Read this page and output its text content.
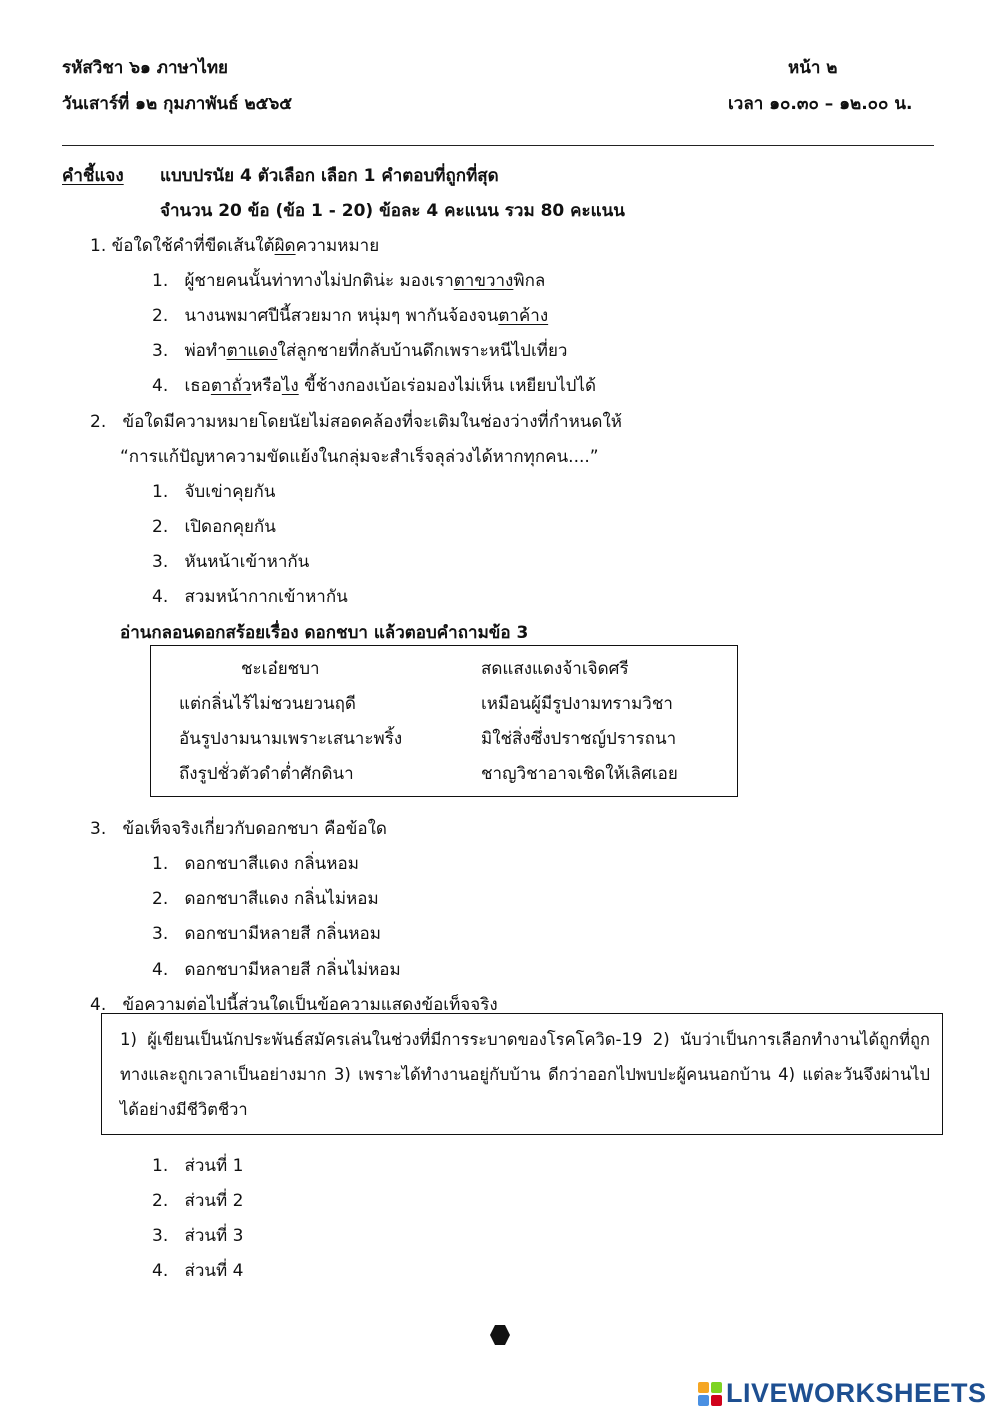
รหัสวิชา ๖๑ ภาษาไทย	หน้า ๒
วันเสาร์ที่ ๑๒ กุมภาพันธ์ ๒๕๖๕	เวลา ๑๐.๓๐ – ๑๒.๐๐ น.
คำชี้แจง แบบปรนัย 4 ตัวเลือก เลือก 1 คำตอบที่ถูกที่สุด
จำนวน 20 ข้อ (ข้อ 1 - 20) ข้อละ 4 คะแนน รวม 80 คะแนน
1. ข้อใดใช้คำที่ขีดเส้นใต้ผิดความหมาย
1. ผู้ชายคนนั้นท่าทางไม่ปกติน่ะ มองเราตาขวางพิกล
2. นางนพมาศปีนี้สวยมาก หนุ่มๆ พากันจ้องจนตาค้าง
3. พ่อทำตาแดงใส่ลูกชายที่กลับบ้านดึกเพราะหนีไปเที่ยว
4. เธอตาถั่วหรือไง ขี้ช้างกองเบ้อเร่อมองไม่เห็น เหยียบไปได้
2. ข้อใดมีความหมายโดยนัยไม่สอดคล้องที่จะเติมในช่องว่างที่กำหนดให้
“การแก้ปัญหาความขัดแย้งในกลุ่มจะสำเร็จลุล่วงได้หากทุกคน....”
1. จับเข่าคุยกัน
2. เปิดอกคุยกัน
3. หันหน้าเข้าหากัน
4. สวมหน้ากากเข้าหากัน
อ่านกลอนดอกสร้อยเรื่อง ดอกชบา แล้วตอบคำถามข้อ 3
ชะเอ๋ยชบา	สดแสงแดงจ้าเจิดศรี
แต่กลิ่นไร้ไม่ชวนยวนฤดี	เหมือนผู้มีรูปงามทรามวิชา
อันรูปงามนามเพราะเสนาะพริ้ง	มิใช่สิ่งซึ่งปราชญ์ปรารถนา
ถึงรูปชั่วตัวดำต่ำศักดินา	ชาญวิชาอาจเชิดให้เลิศเอย
3. ข้อเท็จจริงเกี่ยวกับดอกชบา คือข้อใด
1. ดอกชบาสีแดง กลิ่นหอม
2. ดอกชบาสีแดง กลิ่นไม่หอม
3. ดอกชบามีหลายสี กลิ่นหอม
4. ดอกชบามีหลายสี กลิ่นไม่หอม
4. ข้อความต่อไปนี้ส่วนใดเป็นข้อความแสดงข้อเท็จจริง
1) ผู้เขียนเป็นนักประพันธ์สมัครเล่นในช่วงที่มีการระบาดของโรคโควิด-19 2) นับว่าเป็นการเลือกทำงานได้ถูกที่ถูกทางและถูกเวลาเป็นอย่างมาก 3) เพราะได้ทำงานอยู่กับบ้าน ดีกว่าออกไปพบปะผู้คนนอกบ้าน 4) แต่ละวันจึงผ่านไปได้อย่างมีชีวิตชีวา
1. ส่วนที่ 1
2. ส่วนที่ 2
3. ส่วนที่ 3
4. ส่วนที่ 4
LIVEWORKSHEETS
